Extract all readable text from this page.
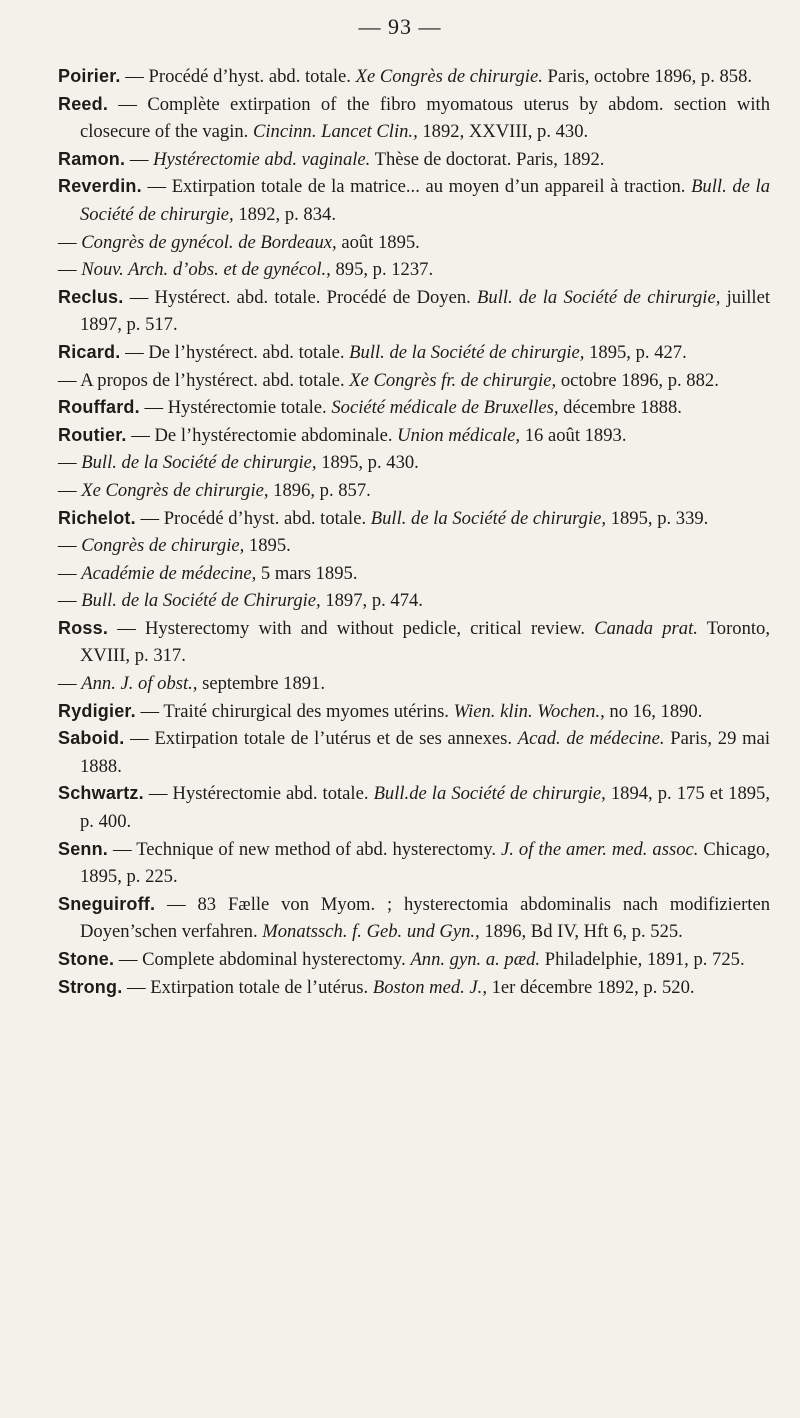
— 93 —
Poirier. — Procédé d’hyst. abd. totale. Xe Congrès de chirurgie. Paris, octobre 1896, p. 858.
Reed. — Complète extirpation of the fibro myomatous uterus by abdom. section with closecure of the vagin. Cincinn. Lancet Clin., 1892, XXVIII, p. 430.
Ramon. — Hystérectomie abd. vaginale. Thèse de doctorat. Paris, 1892.
Reverdin. — Extirpation totale de la matrice... au moyen d’un appareil à traction. Bull. de la Société de chirurgie, 1892, p. 834.
— Congrès de gynécol. de Bordeaux, août 1895.
— Nouv. Arch. d’obs. et de gynécol., 895, p. 1237.
Reclus. — Hystérect. abd. totale. Procédé de Doyen. Bull. de la Société de chirurgie, juillet 1897, p. 517.
Ricard. — De l’hystérect. abd. totale. Bull. de la Société de chirurgie, 1895, p. 427.
— A propos de l’hystérect. abd. totale. Xe Congrès fr. de chirurgie, octobre 1896, p. 882.
Rouffard. — Hystérectomie totale. Société médicale de Bruxelles, décembre 1888.
Routier. — De l’hystérectomie abdominale. Union médicale, 16 août 1893.
— Bull. de la Société de chirurgie, 1895, p. 430.
— Xe Congrès de chirurgie, 1896, p. 857.
Richelot. — Procédé d’hyst. abd. totale. Bull. de la Société de chirurgie, 1895, p. 339.
— Congrès de chirurgie, 1895.
— Académie de médecine, 5 mars 1895.
— Bull. de la Société de Chirurgie, 1897, p. 474.
Ross. — Hysterectomy with and without pedicle, critical review. Canada prat. Toronto, XVIII, p. 317.
— Ann. J. of obst., septembre 1891.
Rydigier. — Traité chirurgical des myomes utérins. Wien. klin. Wochen., no 16, 1890.
Saboid. — Extirpation totale de l’utérus et de ses annexes. Acad. de médecine. Paris, 29 mai 1888.
Schwartz. — Hystérectomie abd. totale. Bull.de la Société de chirurgie, 1894, p. 175 et 1895, p. 400.
Senn. — Technique of new method of abd. hysterectomy. J. of the amer. med. assoc. Chicago, 1895, p. 225.
Sneguiroff. — 83 Fælle von Myom. ; hysterectomia abdominalis nach modifizierten Doyen’schen verfahren. Monatssch. f. Geb. und Gyn., 1896, Bd IV, Hft 6, p. 525.
Stone. — Complete abdominal hysterectomy. Ann. gyn. a. pæd. Philadelphie, 1891, p. 725.
Strong. — Extirpation totale de l’utérus. Boston med. J., 1er décembre 1892, p. 520.
